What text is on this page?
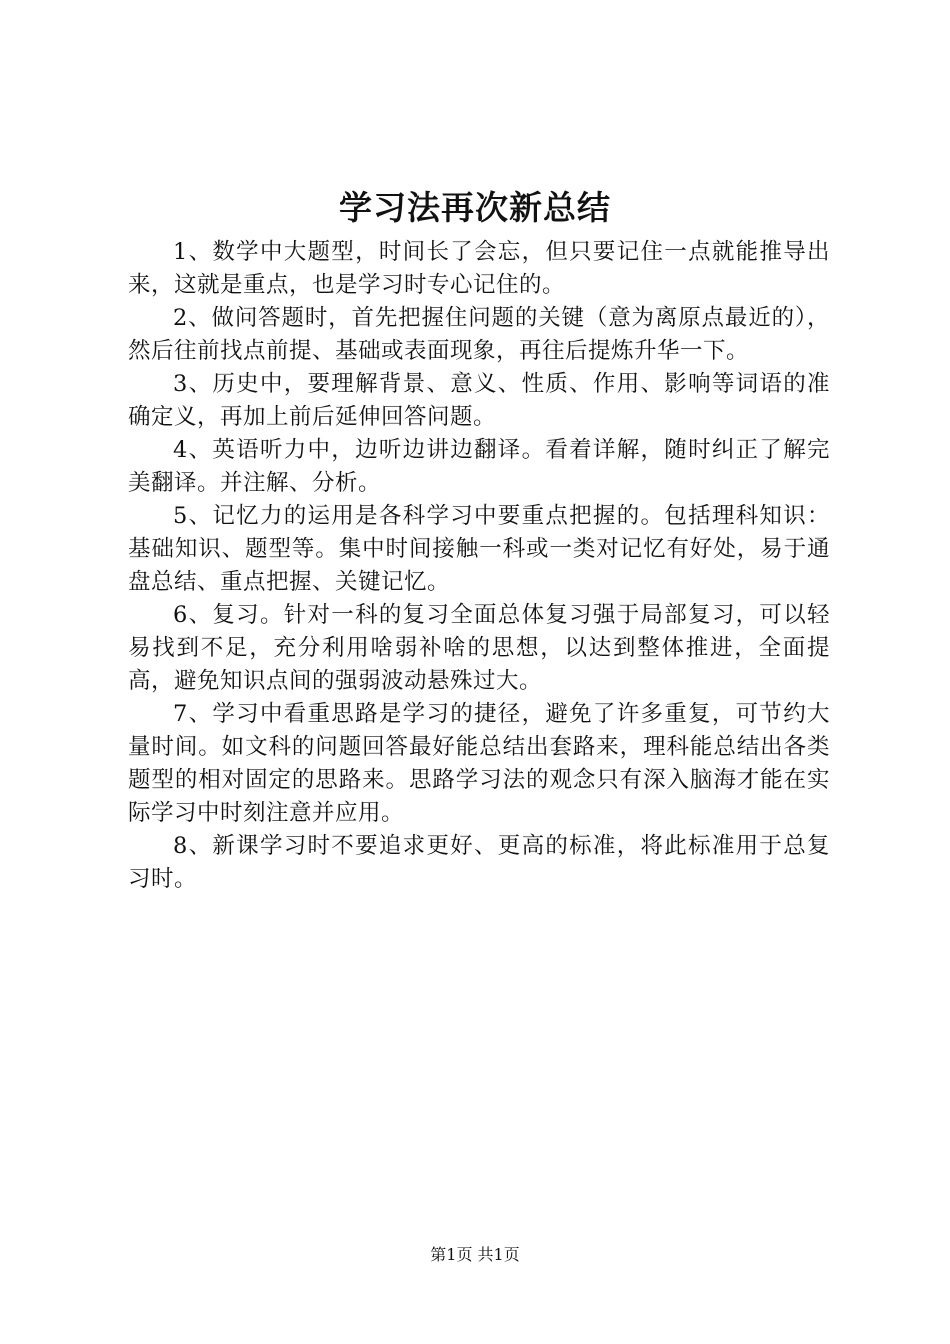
学习法再次新总结

1、数学中大题型，时间长了会忘，但只要记住一点就能推导出来，这就是重点，也是学习时专心记住的。

2、做问答题时，首先把握住问题的关键（意为离原点最近的），然后往前找点前提、基础或表面现象，再往后提炼升华一下。

3、历史中，要理解背景、意义、性质、作用、影响等词语的准确定义，再加上前后延伸回答问题。

4、英语听力中，边听边讲边翻译。看着详解，随时纠正了解完美翻译。并注解、分析。

5、记忆力的运用是各科学习中要重点把握的。包括理科知识：基础知识、题型等。集中时间接触一科或一类对记忆有好处，易于通盘总结、重点把握、关键记忆。

6、复习。针对一科的复习全面总体复习强于局部复习，可以轻易找到不足，充分利用啥弱补啥的思想，以达到整体推进，全面提高，避免知识点间的强弱波动悬殊过大。

7、学习中看重思路是学习的捷径，避免了许多重复，可节约大量时间。如文科的问题回答最好能总结出套路来，理科能总结出各类题型的相对固定的思路来。思路学习法的观念只有深入脑海才能在实际学习中时刻注意并应用。

8、新课学习时不要追求更好、更高的标准，将此标准用于总复习时。

第1页 共1页
